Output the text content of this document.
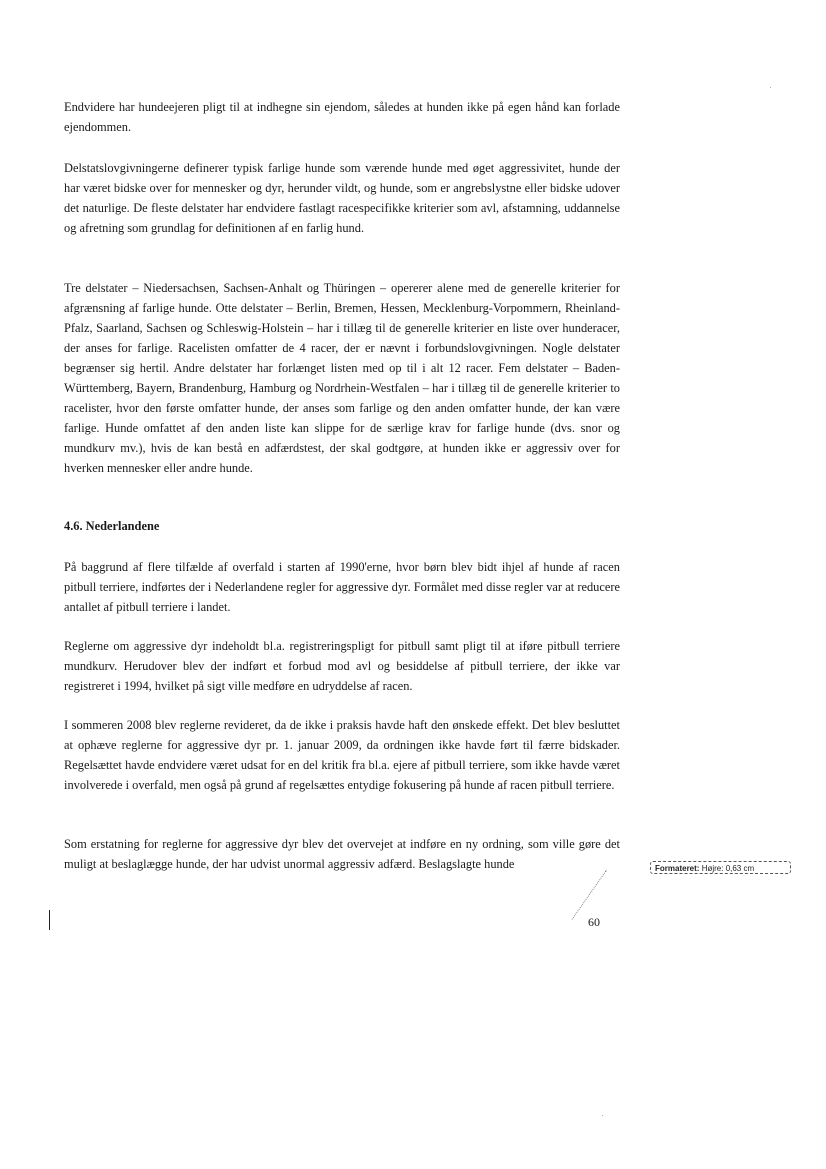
Endvidere har hundeejeren pligt til at indhegne sin ejendom, således at hunden ikke på egen hånd kan forlade ejendommen.

Delstatslovgivningerne definerer typisk farlige hunde som værende hunde med øget aggressivitet, hunde der har været bidske over for mennesker og dyr, herunder vildt, og hunde, som er angrebslystne eller bidske udover det naturlige. De fleste delstater har endvidere fastlagt racespecifikke kriterier som avl, afstamning, uddannelse og afretning som grundlag for definitionen af en farlig hund.

Tre delstater – Niedersachsen, Sachsen-Anhalt og Thüringen – opererer alene med de generelle kriterier for afgrænsning af farlige hunde. Otte delstater – Berlin, Bremen, Hessen, Mecklenburg-Vorpommern, Rheinland-Pfalz, Saarland, Sachsen og Schleswig-Holstein – har i tillæg til de generelle kriterier en liste over hunderacer, der anses for farlige. Racelisten omfatter de 4 racer, der er nævnt i forbundslovgivningen. Nogle delstater begrænser sig hertil. Andre delstater har forlænget listen med op til i alt 12 racer. Fem delstater – Baden-Württemberg, Bayern, Brandenburg, Hamburg og Nordrhein-Westfalen – har i tillæg til de generelle kriterier to racelister, hvor den første omfatter hunde, der anses som farlige og den anden omfatter hunde, der kan være farlige. Hunde omfattet af den anden liste kan slippe for de særlige krav for farlige hunde (dvs. snor og mundkurv mv.), hvis de kan bestå en adfærdstest, der skal godtgøre, at hunden ikke er aggressiv over for hverken mennesker eller andre hunde.

4.6. Nederlandene

På baggrund af flere tilfælde af overfald i starten af 1990'erne, hvor børn blev bidt ihjel af hunde af racen pitbull terriere, indførtes der i Nederlandene regler for aggressive dyr. Formålet med disse regler var at reducere antallet af pitbull terriere i landet.

Reglerne om aggressive dyr indeholdt bl.a. registreringspligt for pitbull samt pligt til at iføre pitbull terriere mundkurv. Herudover blev der indført et forbud mod avl og besiddelse af pitbull terriere, der ikke var registreret i 1994, hvilket på sigt ville medføre en udryddelse af racen.

I sommeren 2008 blev reglerne revideret, da de ikke i praksis havde haft den ønskede effekt. Det blev besluttet at ophæve reglerne for aggressive dyr pr. 1. januar 2009, da ordningen ikke havde ført til færre bidskader. Regelsættet havde endvidere været udsat for en del kritik fra bl.a. ejere af pitbull terriere, som ikke havde været involverede i overfald, men også på grund af regelsættes entydige fokusering på hunde af racen pitbull terriere.

Som erstatning for reglerne for aggressive dyr blev det overvejet at indføre en ny ordning, som ville gøre det muligt at beslaglægge hunde, der har udvist unormal aggressiv adfærd. Beslagslagte hunde

60
Formateret: Højre: 0,63 cm
